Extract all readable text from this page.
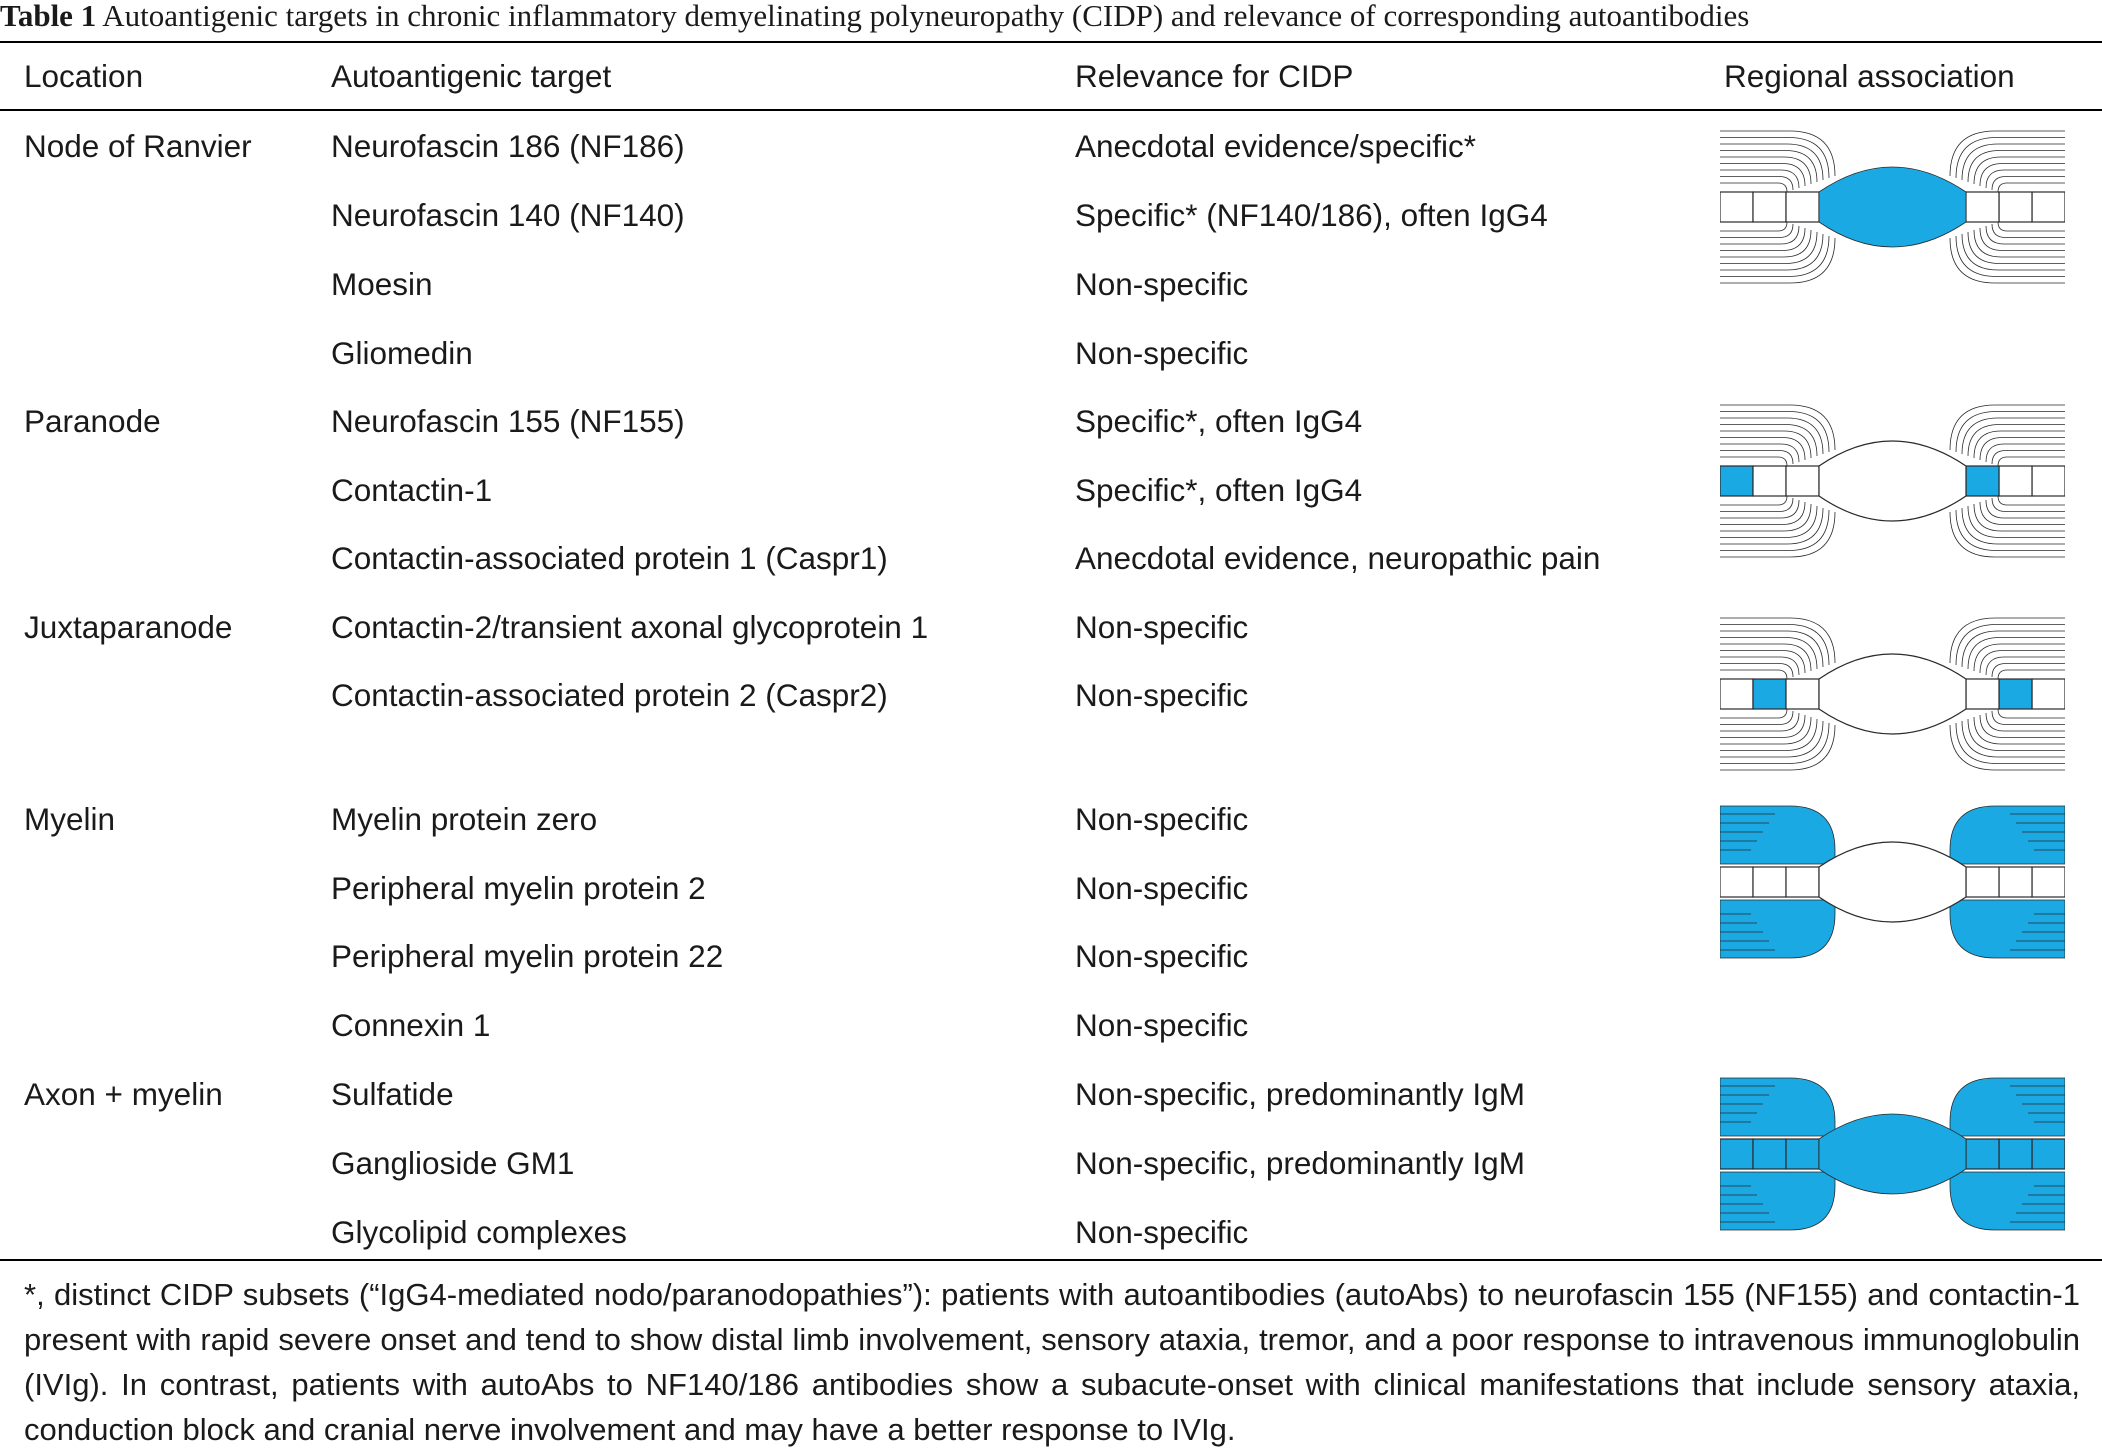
Table 1 Autoantigenic targets in chronic inflammatory demyelinating polyneuropathy (CIDP) and relevance of corresponding autoantibodies
Location	Autoantigenic target	Relevance for CIDP	Regional association
Node of Ranvier	Neurofascin 186 (NF186)	Anecdotal evidence/specific*
Neurofascin 140 (NF140)	Specific* (NF140/186), often IgG4
Moesin	Non-specific
Gliomedin	Non-specific
Paranode	Neurofascin 155 (NF155)	Specific*, often IgG4
Contactin-1	Specific*, often IgG4
Contactin-associated protein 1 (Caspr1)	Anecdotal evidence, neuropathic pain
Juxtaparanode	Contactin-2/transient axonal glycoprotein 1	Non-specific
Contactin-associated protein 2 (Caspr2)	Non-specific
Myelin	Myelin protein zero	Non-specific
Peripheral myelin protein 2	Non-specific
Peripheral myelin protein 22	Non-specific
Connexin 1	Non-specific
Axon + myelin	Sulfatide	Non-specific, predominantly IgM
Ganglioside GM1	Non-specific, predominantly IgM
Glycolipid complexes	Non-specific
*, distinct CIDP subsets (“IgG4-mediated nodo/paranodopathies”): patients with autoantibodies (autoAbs) to neurofascin 155 (NF155) and contactin-1 present with rapid severe onset and tend to show distal limb involvement, sensory ataxia, tremor, and a poor response to intravenous immunoglobulin (IVIg). In contrast, patients with autoAbs to NF140/186 antibodies show a subacute-onset with clinical manifestations that include sensory ataxia, conduction block and cranial nerve involvement and may have a better response to IVIg.
